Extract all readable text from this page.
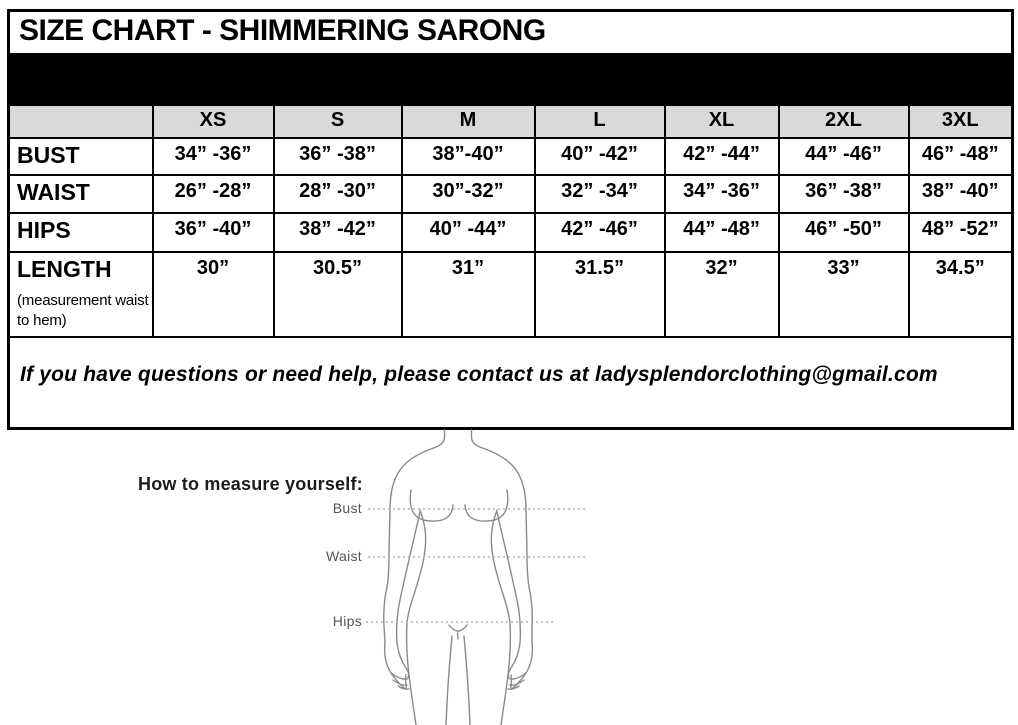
SIZE CHART - SHIMMERING SARONG							
Relaxed – Max Stretched Measurement							
	XS	S	M	L	XL	2XL	3XL
BUST	34” -36”	36” -38”	38”-40”	40” -42”	42” -44”	44” -46”	46” -48”
WAIST	26” -28”	28” -30”	30”-32”	32” -34”	34” -36”	36” -38”	38” -40”
HIPS	36” -40”	38” -42”	40” -44”	42” -46”	44” -48”	46” -50”	48” -52”

LENGTH
(measurement waist to hem)	30”	30.5”	31”	31.5”	32”	33”	34.5”
If you have questions or need help, please contact us at ladysplendorclothing@gmail.com							
How to measure yourself:
Bust
Waist
Hips
